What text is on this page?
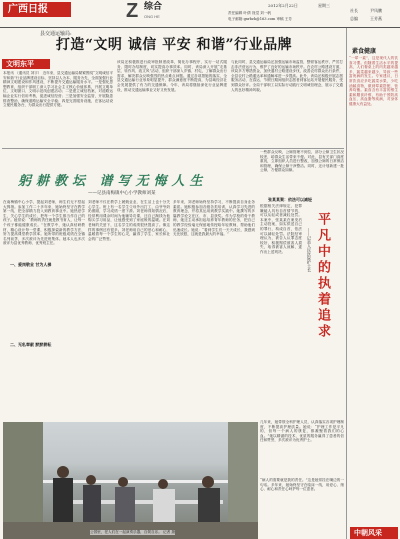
广西日报	Z 综合
ONG HE
2012年2月22日	星期三
责任编辑 叶倩 视觉 刘一帆
电子邮箱:gxrbzh@163.com 审稿 王芳
社长	尹凤鹏
总编	王芳燕
县交通运输局:
打造“文明 诚信 平安 和谐”行业品牌
文明东平
本报讯 （通讯员 刘宇） 近年来，县交通运输局紧紧围绕“文明诚信平安和谐”行业品牌建设目标，坚持以人为本、服务为先，全面加强行业精神文明建设和作风建设，不断提升交通运输服务水平。一是强化思想教育，组织干部职工深入学习社会主义核心价值体系，开展文明单位、文明窗口、文明示范线创建活动；二是建立诚信档案，对道路运输企业实行信用考核，促进诚信经营；三是加强安全监管，开展隐患排查整治，确保道路运输安全平稳；四是完善服务设施，在客运站设立便民服务台，为群众出行提供方便。
该局还积极推进行政审批制度改革，简化办事程序，实行一站式服务、限时办结制度，切实提高办事效率。同时，该局深入开展“走基层、转作风、改文风”活动，组织干部深入乡镇、村屯，了解群众出行需求，解决群众反映强烈的热点难点问题。通过各项措施的落实，全县交通运输行业形象明显提升，群众满意度不断提高，为县域经济社会发展提供了有力的交通保障。今年，该局将继续深化行业品牌建设，推动交通运输事业又好又快发展。
与此同时，县交通运输局还加强运输市场监管，整顿客运秩序，严厉打击非法营运行为，维护了良好的运输市场秩序。在农村公路建设方面，该局多方筹措资金，加快通村公路建设步伐，改善农村群众出行条件，全县农村公路通达率和通畅率进一步提高。此外，该局还积极开展志愿服务活动，在春运、节假日期间组织志愿者到客运站开展便民服务，受到群众好评。全局干部职工以实际行动践行文明诚信理念，展示了交通人的良好精神风貌。
躬耕教坛 谱写无悔人生
——记县南梅镇中心小学教师刘某
在南梅镇中心小学，提起刘老师，师生们无不竖起大拇指。参加工作二十多年来，她始终坚守在教学第一线，把全部精力投入到教育事业中。她热爱学生，关心学生的成长，把每一个学生都当作自己的孩子。她常说：“教师的责任就是教书育人，让每一个孩子都能健康成长。”在教学中，她认真钻研教材，精心设计每一堂课，积极探索新的教学方法，努力提高课堂教学效率。她所带的班级成绩在全镇名列前茅，多次被评为先进班集体。她本人也多次被评为县优秀教师、优秀班主任。
一、爱岗敬业 甘为人梯
二、无私奉献 默默耕耘
刘老师不仅在教学上兢兢业业，在生活上也十分关心学生。班上有一名学生父母外出打工，由爷爷奶奶照顾，学习成绩一度下滑。刘老师得知情况后，经常利用课余时间为他辅导功课，还自己掏钱为他购买学习用品，让他感受到了家庭般的温暖。在刘老师的关爱下，这名学生的成绩很快提高了。像这样的事例还有很多。刘老师用自己的爱心和耐心，温暖着每一个学生的心灵，赢得了学生、家长和社会的广泛赞誉。
多年来，刘老师始终坚持学习，不断提高自身业务素质。她积极参加各级各类培训，认真学习先进的教育理念，并将其运用到教学实践中。她撰写的多篇教学论文在区、市、县获奖。作为学校的骨干教师，她还主动承担起培养青年教师的任务，把自己的教学经验毫无保留地传授给年轻教师，帮助他们迅速成长。她说：“看到学生们一天天成长，我感到无比欣慰，这就是我最大的幸福。”
一些群众反映，公厕管理不到位，部分公厕卫生状况较差，给群众生活带来不便。对此，县有关部门高度重视，立即组织人员进行整改，加强公厕的日常保洁和管理，确保公厕干净整洁。同时，还计划新建一批公厕，方便群众如厕。
张某某案：依法可以减轻
根据相关法律规定，犯罪嫌疑人具有自首情节的，可以从轻或者减轻处罚。本案中，张某某在案发后主动投案，如实供述自己的罪行，构成自首，依法可以减轻处罚。法院经审理认为，被告人认罪态度较好，积极赔偿被害人损失，取得被害人谅解，遂作出上述判决。	平凡中的执着追求
——记县人民医院护士长
素食健康
“一荤一素”，这是现代人的饮食习惯。但随着生活水平的提高，人们餐桌上的肉类越来越多，蔬菜越来越少，导致一些富贵病的发生。专家建议，日常饮食应多吃蔬菜水果，少吃油腻食物，做到荤素搭配、营养均衡。素食含有丰富的维生素和膳食纤维，有助于预防高血压、高血脂等疾病，对身体健康大有益处。
公园里，老人们在一起演奏乐器，自娱自乐。 记者 摄
几年来，她带领全科护理人员，认真落实各项护理制度，不断提高护理质量。她说：“护理工作是平凡的，但每一个病人的康复，都凝聚着我们的心血。”她以精湛的技术、优质的服务赢得了患者的信任和赞誉，多次被评为优秀护士。
“病人的需要就是我的责任。”这是她常挂在嘴边的一句话。多年来，她始终坚守在临床一线，用爱心、细心、耐心和责任心呵护每一位患者。
中朝风采
